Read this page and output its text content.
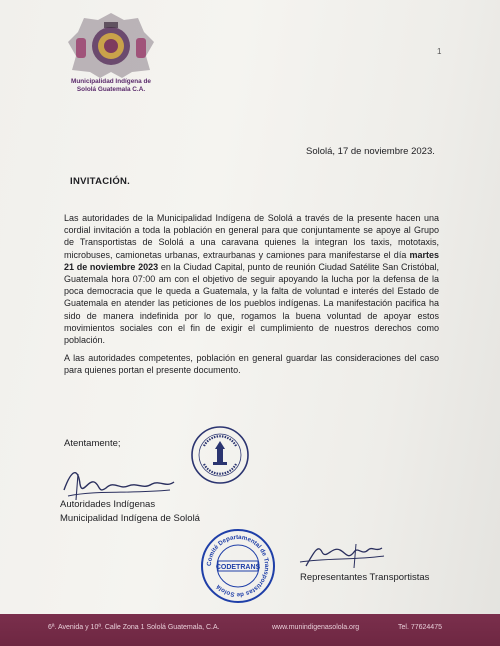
Municipalidad Indígena de
Sololá Guatemala C.A.
1
Sololá, 17 de noviembre 2023.
INVITACIÓN.

Las autoridades de la Municipalidad Indígena de Sololá a través de la presente hacen una cordial invitación a toda la población en general para que conjuntamente se apoye al Grupo de Transportistas de Sololá a una caravana quienes la integran los taxis, mototaxis, microbuses, camionetas urbanas, extraurbanas y camiones para manifestarse el día martes 21 de noviembre 2023 en la Ciudad Capital, punto de reunión Ciudad Satélite San Cristóbal, Guatemala hora 07:00 am con el objetivo de seguir apoyando la lucha por la defensa de la poca democracia que le queda a Guatemala, y la falta de voluntad e interés del Estado de Guatemala en atender las peticiones de los pueblos indígenas. La manifestación pacifica ha sido de manera indefinida por lo que, rogamos la buena voluntad de apoyar estos movimientos sociales con el fin de exigir el cumplimiento de nuestros derechos como población.

A las autoridades competentes, población en general guardar las consideraciones del caso para quienes portan el presente documento.

Atentamente;
Autoridades Indígenas
Municipalidad Indígena de Sololá
Comité Departamental de Transportistas de Sololá
CODETRANS
Representantes Transportistas
6ª. Avenida y 10ª. Calle Zona 1 Sololá Guatemala, C.A.	www.munindigenasolola.org	Tel. 77624475
